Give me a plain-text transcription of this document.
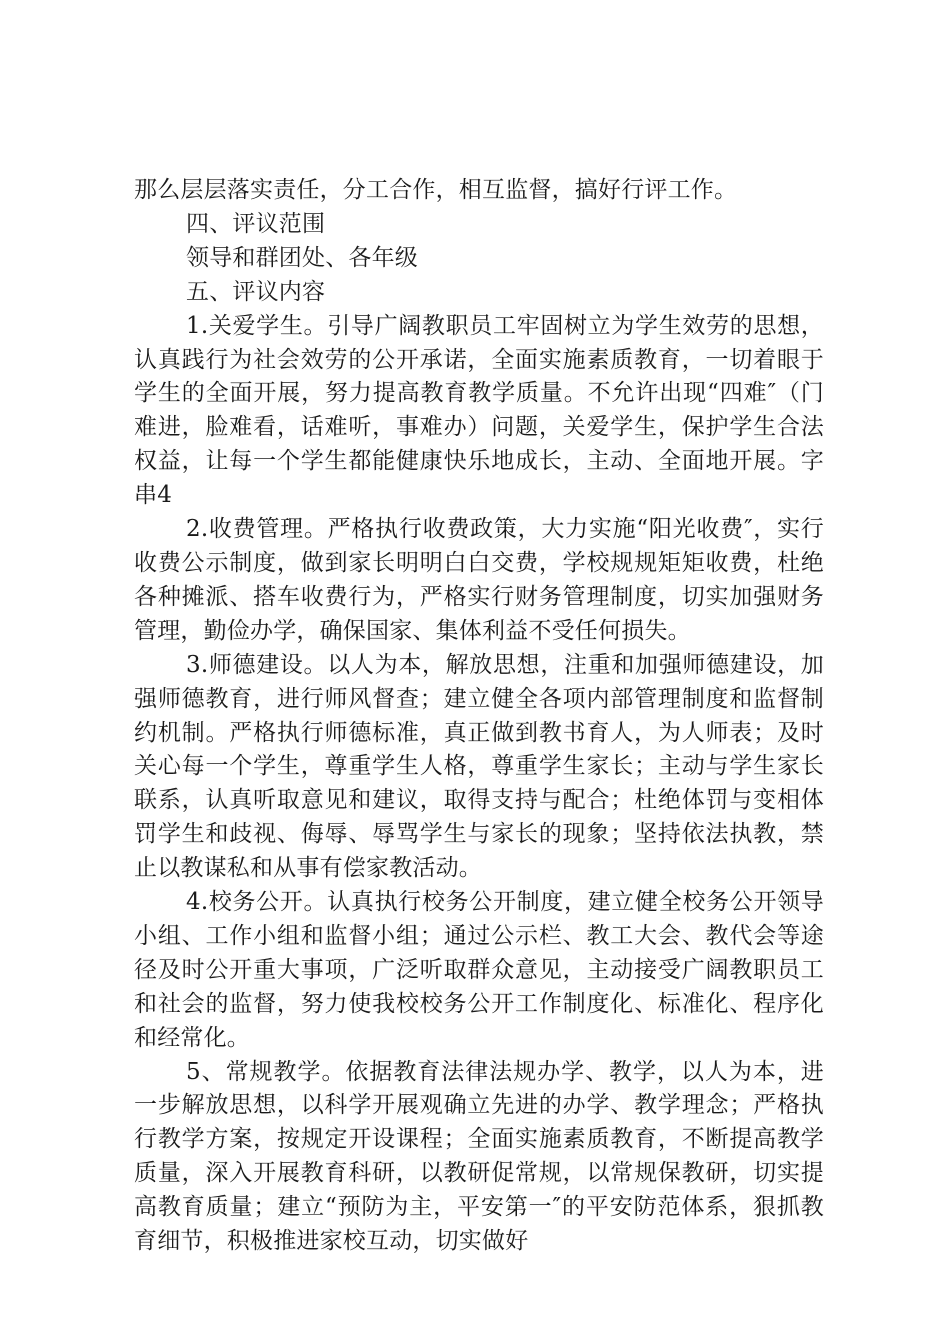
那么层层落实责任，分工合作，相互监督，搞好行评工作。

四、评议范围

领导和群团处、各年级

五、评议内容

1.关爱学生。引导广阔教职员工牢固树立为学生效劳的思想，认真践行为社会效劳的公开承诺，全面实施素质教育，一切着眼于学生的全面开展，努力提高教育教学质量。不允许出现“四难″（门难进，脸难看，话难听，事难办）问题，关爱学生，保护学生合法权益，让每一个学生都能健康快乐地成长，主动、全面地开展。字串4

2.收费管理。严格执行收费政策，大力实施“阳光收费″，实行收费公示制度，做到家长明明白白交费，学校规规矩矩收费，杜绝各种摊派、搭车收费行为，严格实行财务管理制度，切实加强财务管理，勤俭办学，确保国家、集体利益不受任何损失。

3.师德建设。以人为本，解放思想，注重和加强师德建设，加强师德教育，进行师风督查；建立健全各项内部管理制度和监督制约机制。严格执行师德标准，真正做到教书育人，为人师表；及时关心每一个学生，尊重学生人格，尊重学生家长；主动与学生家长联系，认真听取意见和建议，取得支持与配合；杜绝体罚与变相体罚学生和歧视、侮辱、辱骂学生与家长的现象；坚持依法执教，禁止以教谋私和从事有偿家教活动。

4.校务公开。认真执行校务公开制度，建立健全校务公开领导小组、工作小组和监督小组；通过公示栏、教工大会、教代会等途径及时公开重大事项，广泛听取群众意见，主动接受广阔教职员工和社会的监督，努力使我校校务公开工作制度化、标准化、程序化和经常化。

5、常规教学。依据教育法律法规办学、教学，以人为本，进一步解放思想，以科学开展观确立先进的办学、教学理念；严格执行教学方案，按规定开设课程；全面实施素质教育，不断提高教学质量，深入开展教育科研，以教研促常规，以常规保教研，切实提高教育质量；建立“预防为主，平安第一″的平安防范体系，狠抓教育细节，积极推进家校互动，切实做好
